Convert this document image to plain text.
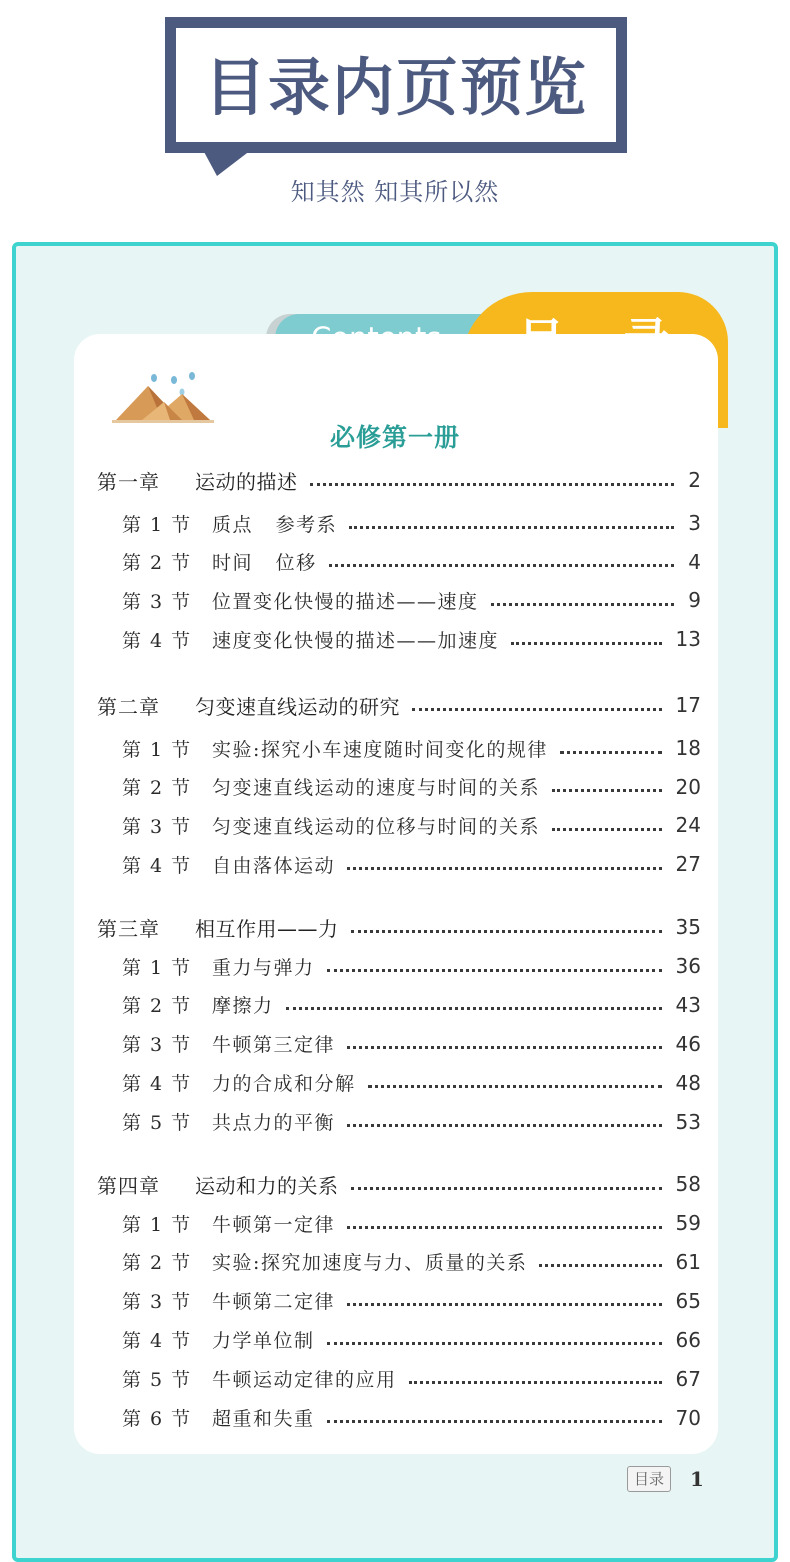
目录内页预览
知其然 知其所以然
必修第一册
第一章	运动的描述	2
第 1 节	质点   参考系	3
第 2 节	时间   位移	4
第 3 节	位置变化快慢的描述——速度	9
第 4 节	速度变化快慢的描述——加速度	13
第二章	匀变速直线运动的研究	17
第 1 节	实验:探究小车速度随时间变化的规律	18
第 2 节	匀变速直线运动的速度与时间的关系	20
第 3 节	匀变速直线运动的位移与时间的关系	24
第 4 节	自由落体运动	27
第三章	相互作用——力	35
第 1 节	重力与弹力	36
第 2 节	摩擦力	43
第 3 节	牛顿第三定律	46
第 4 节	力的合成和分解	48
第 5 节	共点力的平衡	53
第四章	运动和力的关系	58
第 1 节	牛顿第一定律	59
第 2 节	实验:探究加速度与力、质量的关系	61
第 3 节	牛顿第二定律	65
第 4 节	力学单位制	66
第 5 节	牛顿运动定律的应用	67
第 6 节	超重和失重	70
目录	1
